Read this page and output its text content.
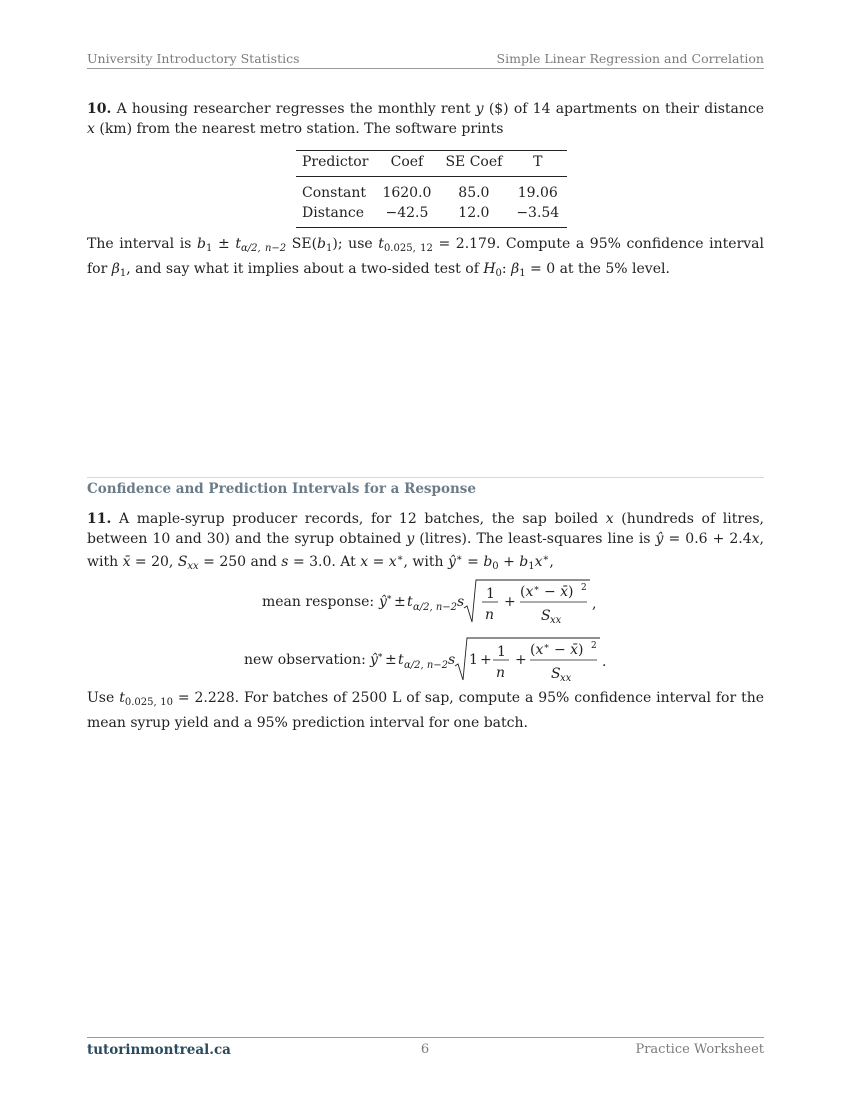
University Introductory Statistics	Simple Linear Regression and Correlation
10. A housing researcher regresses the monthly rent y ($) of 14 apartments on their distance x (km) from the nearest metro station. The software prints
Predictor	Coef	SE Coef	T
Constant	1620.0	85.0	19.06
Distance	−42.5	12.0	−3.54
The interval is $b_1 \pm t_{\alpha/2, n-2}$ $SE(b_1)$; use $t_{0.025, 12} = 2.179$. Compute a 95% confidence interval for $\beta_1$, and say what it implies about a two-sided test of $H_0$: $\beta_1 = 0$ at the 5% level.
Confidence and Prediction Intervals for a Response
11. A maple-syrup producer records, for 12 batches, the sap boiled x (hundreds of litres, between 10 and 30) and the syrup obtained y (litres). The least-squares line is ŷ = 0.6 + 2.4x, with x̄ = 20, $S_{xx} = 250$ and s = 3.0. At x = x∗, with ŷ∗ = $b_0 + b_1x^∗$,
mean response: ŷ ∗ ± t α/2, n−2 s 1
n
+
(x∗ − x̄) 2
S xx
,
new observation: ŷ ∗ ± t α/2, n−2 s 1 + 1
n
+
(x∗ − x̄) 2
S xx
.
Use $t_{0.025, 10} = 2.228$. For batches of 2500 L of sap, compute a 95% confidence interval for the mean syrup yield and a 95% prediction interval for one batch.
tutorinmontreal.ca	6	Practice Worksheet
